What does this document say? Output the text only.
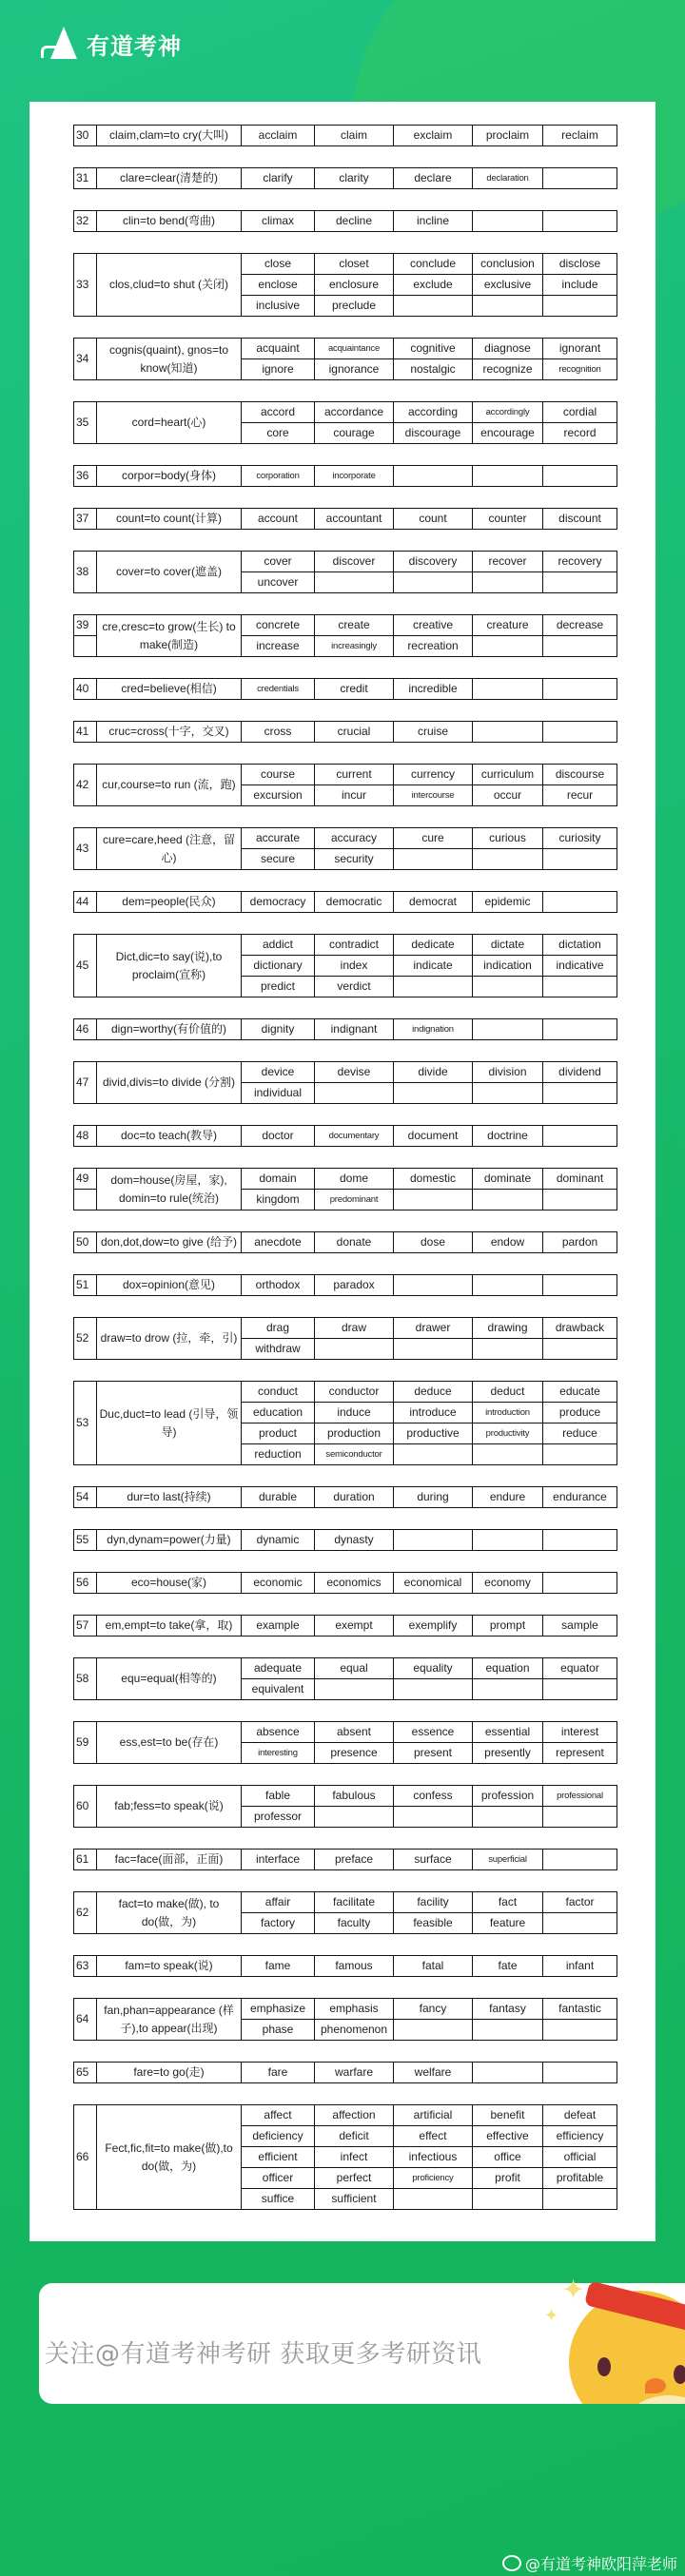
有道考神
30	claim,clam=to cry(大叫)	acclaim	claim	exclaim	proclaim	reclaim
31	clare=clear(清楚的)	clarify	clarity	declare	declaration	
32	clin=to bend(弯曲)	climax	decline	incline		
33	clos,clud=to shut (关闭)	close	closet	conclude	conclusion	disclose
		enclose	enclosure	exclude	exclusive	include
		inclusive	preclude			
34	cognis(quaint), gnos=to know(知道)	acquaint	acquaintance	cognitive	diagnose	ignorant
		ignore	ignorance	nostalgic	recognize	recognition
35	cord=heart(心)	accord	accordance	according	accordingly	cordial
		core	courage	discourage	encourage	record
36	corpor=body(身体)	corporation	incorporate			
37	count=to count(计算)	account	accountant	count	counter	discount
38	cover=to cover(遮盖)	cover	discover	discovery	recover	recovery
		uncover				
39	cre,cresc=to grow(生长) to make(制造)	concrete	create	creative	creature	decrease
		increase	increasingly	recreation		
40	cred=believe(相信)	credentials	credit	incredible		
41	cruc=cross(十字，交叉)	cross	crucial	cruise		
42	cur,course=to run (流，跑)	course	current	currency	curriculum	discourse
		excursion	incur	intercourse	occur	recur
43	cure=care,heed (注意，留心)	accurate	accuracy	cure	curious	curiosity
		secure	security			
44	dem=people(民众)	democracy	democratic	democrat	epidemic	
45	Dict,dic=to say(说),to proclaim(宣称)	addict	contradict	dedicate	dictate	dictation
		dictionary	index	indicate	indication	indicative
		predict	verdict			
46	dign=worthy(有价值的)	dignity	indignant	indignation		
47	divid,divis=to divide (分割)	device	devise	divide	division	dividend
		individual				
48	doc=to teach(教导)	doctor	documentary	document	doctrine	
49	dom=house(房屋，家), domin=to rule(统治)	domain	dome	domestic	dominate	dominant
		kingdom	predominant			
50	don,dot,dow=to give (给予)	anecdote	donate	dose	endow	pardon
51	dox=opinion(意见)	orthodox	paradox			
52	draw=to drow (拉，牵，引)	drag	draw	drawer	drawing	drawback
		withdraw				
53	Duc,duct=to lead (引导，领导)	conduct	conductor	deduce	deduct	educate
		education	induce	introduce	introduction	produce
		product	production	productive	productivity	reduce
		reduction	semiconductor			
54	dur=to last(持续)	durable	duration	during	endure	endurance
55	dyn,dynam=power(力量)	dynamic	dynasty			
56	eco=house(家)	economic	economics	economical	economy	
57	em,empt=to take(拿，取)	example	exempt	exemplify	prompt	sample
58	equ=equal(相等的)	adequate	equal	equality	equation	equator
		equivalent				
59	ess,est=to be(存在)	absence	absent	essence	essential	interest
		interesting	presence	present	presently	represent
60	fab;fess=to speak(说)	fable	fabulous	confess	profession	professional
		professor				
61	fac=face(面部，正面)	interface	preface	surface	superficial	
62	fact=to make(做), to do(做，为)	affair	facilitate	facility	fact	factor
		factory	faculty	feasible	feature	
63	fam=to speak(说)	fame	famous	fatal	fate	infant
64	fan,phan=appearance (样子),to appear(出现)	emphasize	emphasis	fancy	fantasy	fantastic
		phase	phenomenon			
65	fare=to go(走)	fare	warfare	welfare		
66	Fect,fic,fit=to make(做),to do(做，为)	affect	affection	artificial	benefit	defeat
		deficiency	deficit	effect	effective	efficiency
		efficient	infect	infectious	office	official
		officer	perfect	proficiency	profit	profitable
		suffice	sufficient			
关注@有道考神考研 获取更多考研资讯
✦
✦
@有道考神欧阳萍老师
